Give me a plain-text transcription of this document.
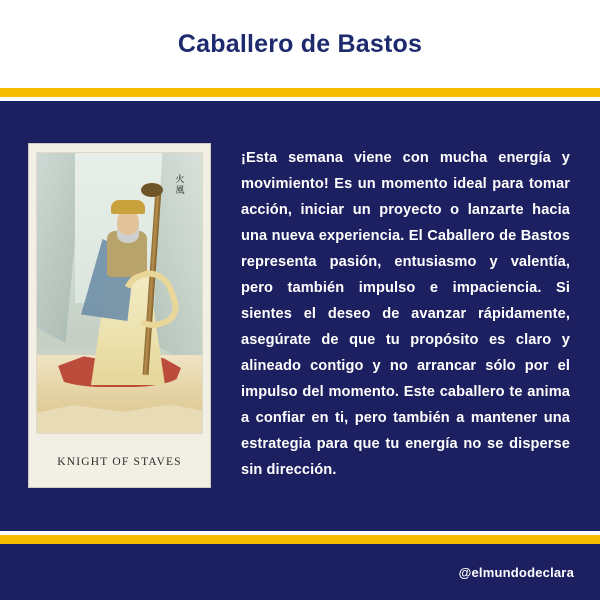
Caballero de Bastos
火 風
KNIGHT OF STAVES

¡Esta semana viene con mucha energía y movimiento! Es un momento ideal para tomar acción, iniciar un proyecto o lanzarte hacia una nueva experiencia. El Caballero de Bastos representa pasión, entusiasmo y valentía, pero también impulso e impaciencia. Si sientes el deseo de avanzar rápidamente, asegúrate de que tu propósito es claro y alineado contigo y no arrancar sólo por el impulso del momento. Este caballero te anima a confiar en ti, pero también a mantener una estrategia para que tu energía no se disperse sin dirección.

@elmundodeclara
